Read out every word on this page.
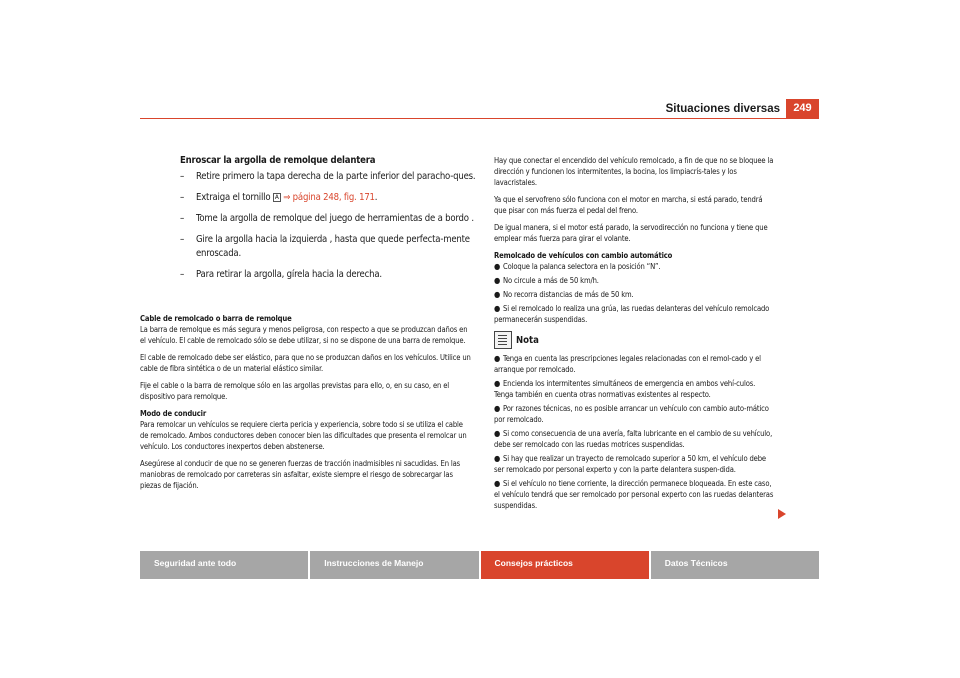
Situaciones diversas	249

Enroscar la argolla de remolque delantera

– Retire primero la tapa derecha de la parte inferior del paracho-ques.

– Extraiga el tornillo A ⇒ página 248, fig. 171.

– Tome la argolla de remolque del juego de herramientas de a bordo .

– Gire la argolla hacia la izquierda , hasta que quede perfecta-mente enroscada.

– Para retirar la argolla, gírela hacia la derecha.

Cable de remolcado o barra de remolque

La barra de remolque es más segura y menos peligrosa, con respecto a que se produzcan daños en el vehículo. El cable de remolcado sólo se debe utilizar, si no se dispone de una barra de remolque.

El cable de remolcado debe ser elástico, para que no se produzcan daños en los vehículos. Utilice un cable de fibra sintética o de un material elástico similar.

Fije el cable o la barra de remolque sólo en las argollas previstas para ello, o, en su caso, en el dispositivo para remolque.

Modo de conducir

Para remolcar un vehículos se requiere cierta pericia y experiencia, sobre todo si se utiliza el cable de remolcado. Ambos conductores deben conocer bien las dificultades que presenta el remolcar un vehículo. Los conductores inexpertos deben abstenerse.

Asegúrese al conducir de que no se generen fuerzas de tracción inadmisibles ni sacudidas. En las maniobras de remolcado por carreteras sin asfaltar, existe siempre el riesgo de sobrecargar las piezas de fijación.

Hay que conectar el encendido del vehículo remolcado, a fin de que no se bloquee la dirección y funcionen los intermitentes, la bocina, los limpiacrís-tales y los lavacristales.

Ya que el servofreno sólo funciona con el motor en marcha, si está parado, tendrá que pisar con más fuerza el pedal del freno.

De igual manera, si el motor está parado, la servodirección no funciona y tiene que emplear más fuerza para girar el volante.

Remolcado de vehículos con cambio automático

● Coloque la palanca selectora en la posición “N”.

● No circule a más de 50 km/h.

● No recorra distancias de más de 50 km.

● Si el remolcado lo realiza una grúa, las ruedas delanteras del vehículo remolcado permanecerán suspendidas.

Nota

● Tenga en cuenta las prescripciones legales relacionadas con el remol-cado y el arranque por remolcado.

● Encienda los intermitentes simultáneos de emergencia en ambos vehí-culos. Tenga también en cuenta otras normativas existentes al respecto.

● Por razones técnicas, no es posible arrancar un vehículo con cambio auto-mático por remolcado.

● Si como consecuencia de una avería, falta lubricante en el cambio de su vehículo, debe ser remolcado con las ruedas motrices suspendidas.

● Si hay que realizar un trayecto de remolcado superior a 50 km, el vehículo debe ser remolcado por personal experto y con la parte delantera suspen-dida.

● Si el vehículo no tiene corriente, la dirección permanece bloqueada. En este caso, el vehículo tendrá que ser remolcado por personal experto con las ruedas delanteras suspendidas.

Seguridad ante todo	Instrucciones de Manejo	Consejos prácticos	Datos Técnicos
